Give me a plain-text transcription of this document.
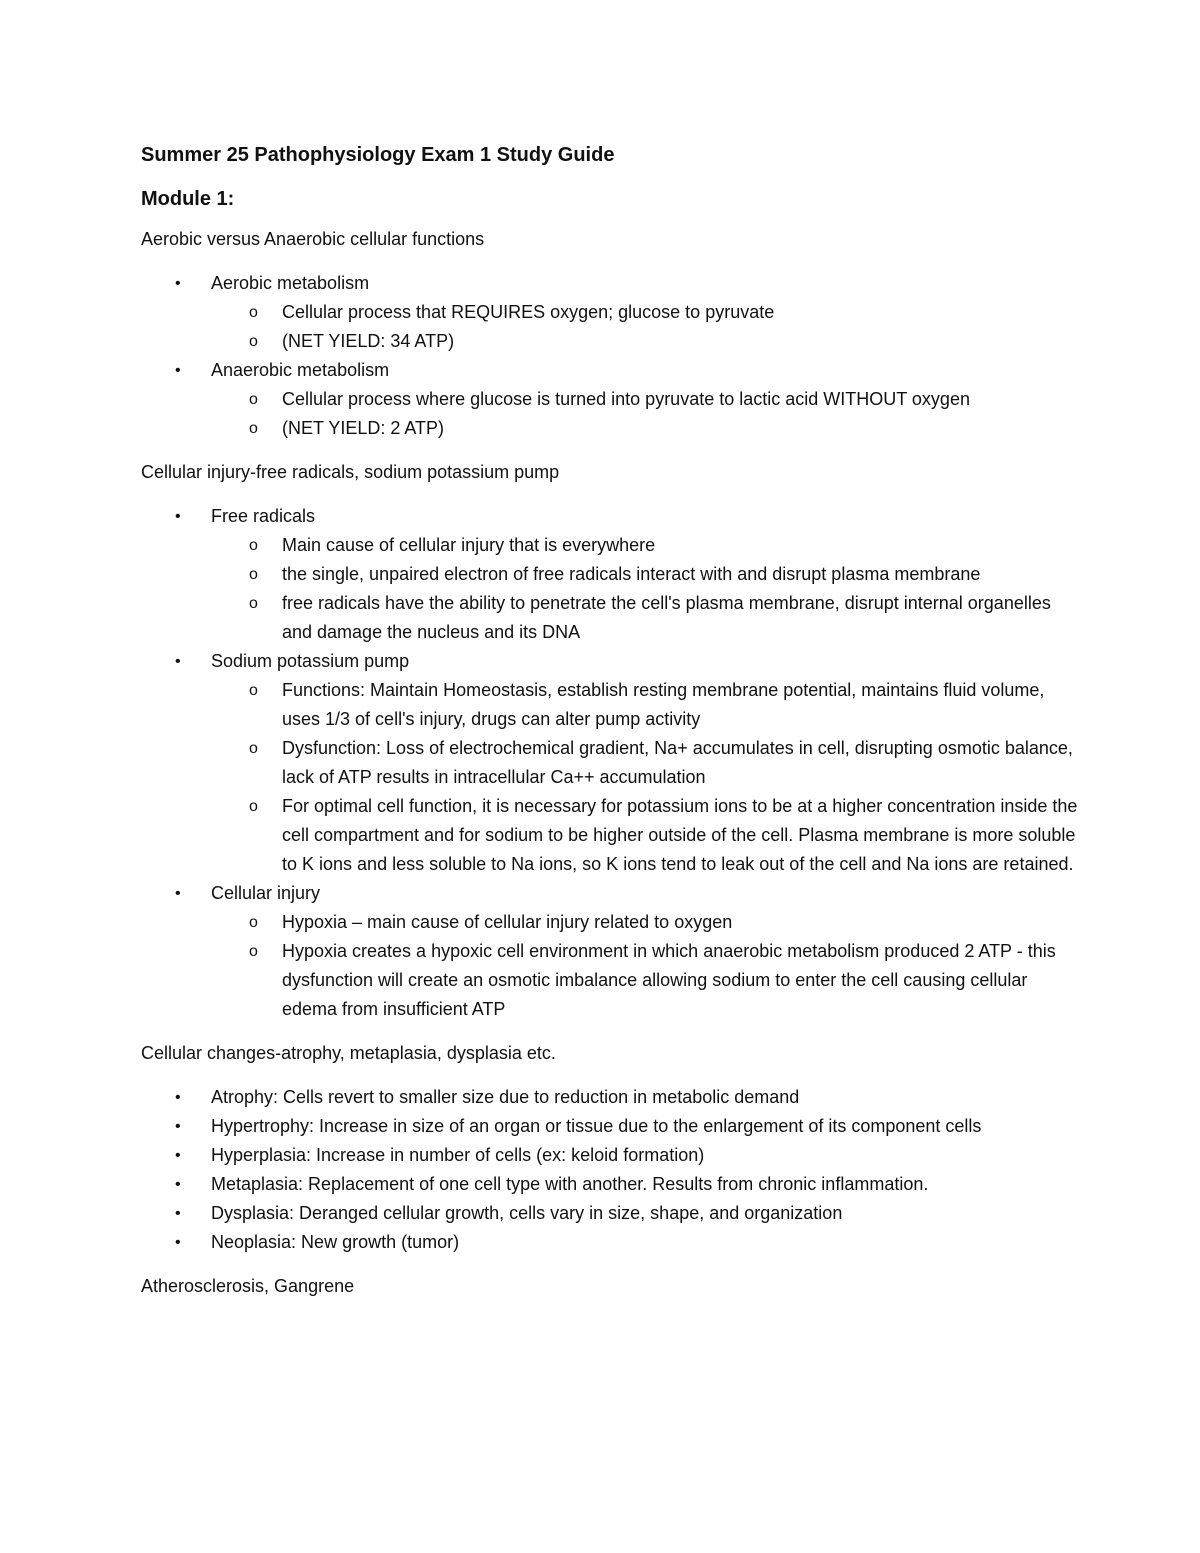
Summer 25 Pathophysiology Exam 1 Study Guide
Module 1:
Aerobic versus Anaerobic cellular functions
• Aerobic metabolism
o Cellular process that REQUIRES oxygen; glucose to pyruvate
o (NET YIELD: 34 ATP)
• Anaerobic metabolism
o Cellular process where glucose is turned into pyruvate to lactic acid WITHOUT oxygen
o (NET YIELD: 2 ATP)
Cellular injury-free radicals, sodium potassium pump
• Free radicals
o Main cause of cellular injury that is everywhere
o the single, unpaired electron of free radicals interact with and disrupt plasma membrane
o free radicals have the ability to penetrate the cell's plasma membrane, disrupt internal organelles and damage the nucleus and its DNA
• Sodium potassium pump
o Functions: Maintain Homeostasis, establish resting membrane potential, maintains fluid volume, uses 1/3 of cell's injury, drugs can alter pump activity
o Dysfunction: Loss of electrochemical gradient, Na+ accumulates in cell, disrupting osmotic balance, lack of ATP results in intracellular Ca++ accumulation
o For optimal cell function, it is necessary for potassium ions to be at a higher concentration inside the cell compartment and for sodium to be higher outside of the cell. Plasma membrane is more soluble to K ions and less soluble to Na ions, so K ions tend to leak out of the cell and Na ions are retained.
• Cellular injury
o Hypoxia – main cause of cellular injury related to oxygen
o Hypoxia creates a hypoxic cell environment in which anaerobic metabolism produced 2 ATP - this dysfunction will create an osmotic imbalance allowing sodium to enter the cell causing cellular edema from insufficient ATP
Cellular changes-atrophy, metaplasia, dysplasia etc.
• Atrophy: Cells revert to smaller size due to reduction in metabolic demand
• Hypertrophy: Increase in size of an organ or tissue due to the enlargement of its component cells
• Hyperplasia: Increase in number of cells (ex: keloid formation)
• Metaplasia: Replacement of one cell type with another. Results from chronic inflammation.
• Dysplasia: Deranged cellular growth, cells vary in size, shape, and organization
• Neoplasia: New growth (tumor)
Atherosclerosis, Gangrene
